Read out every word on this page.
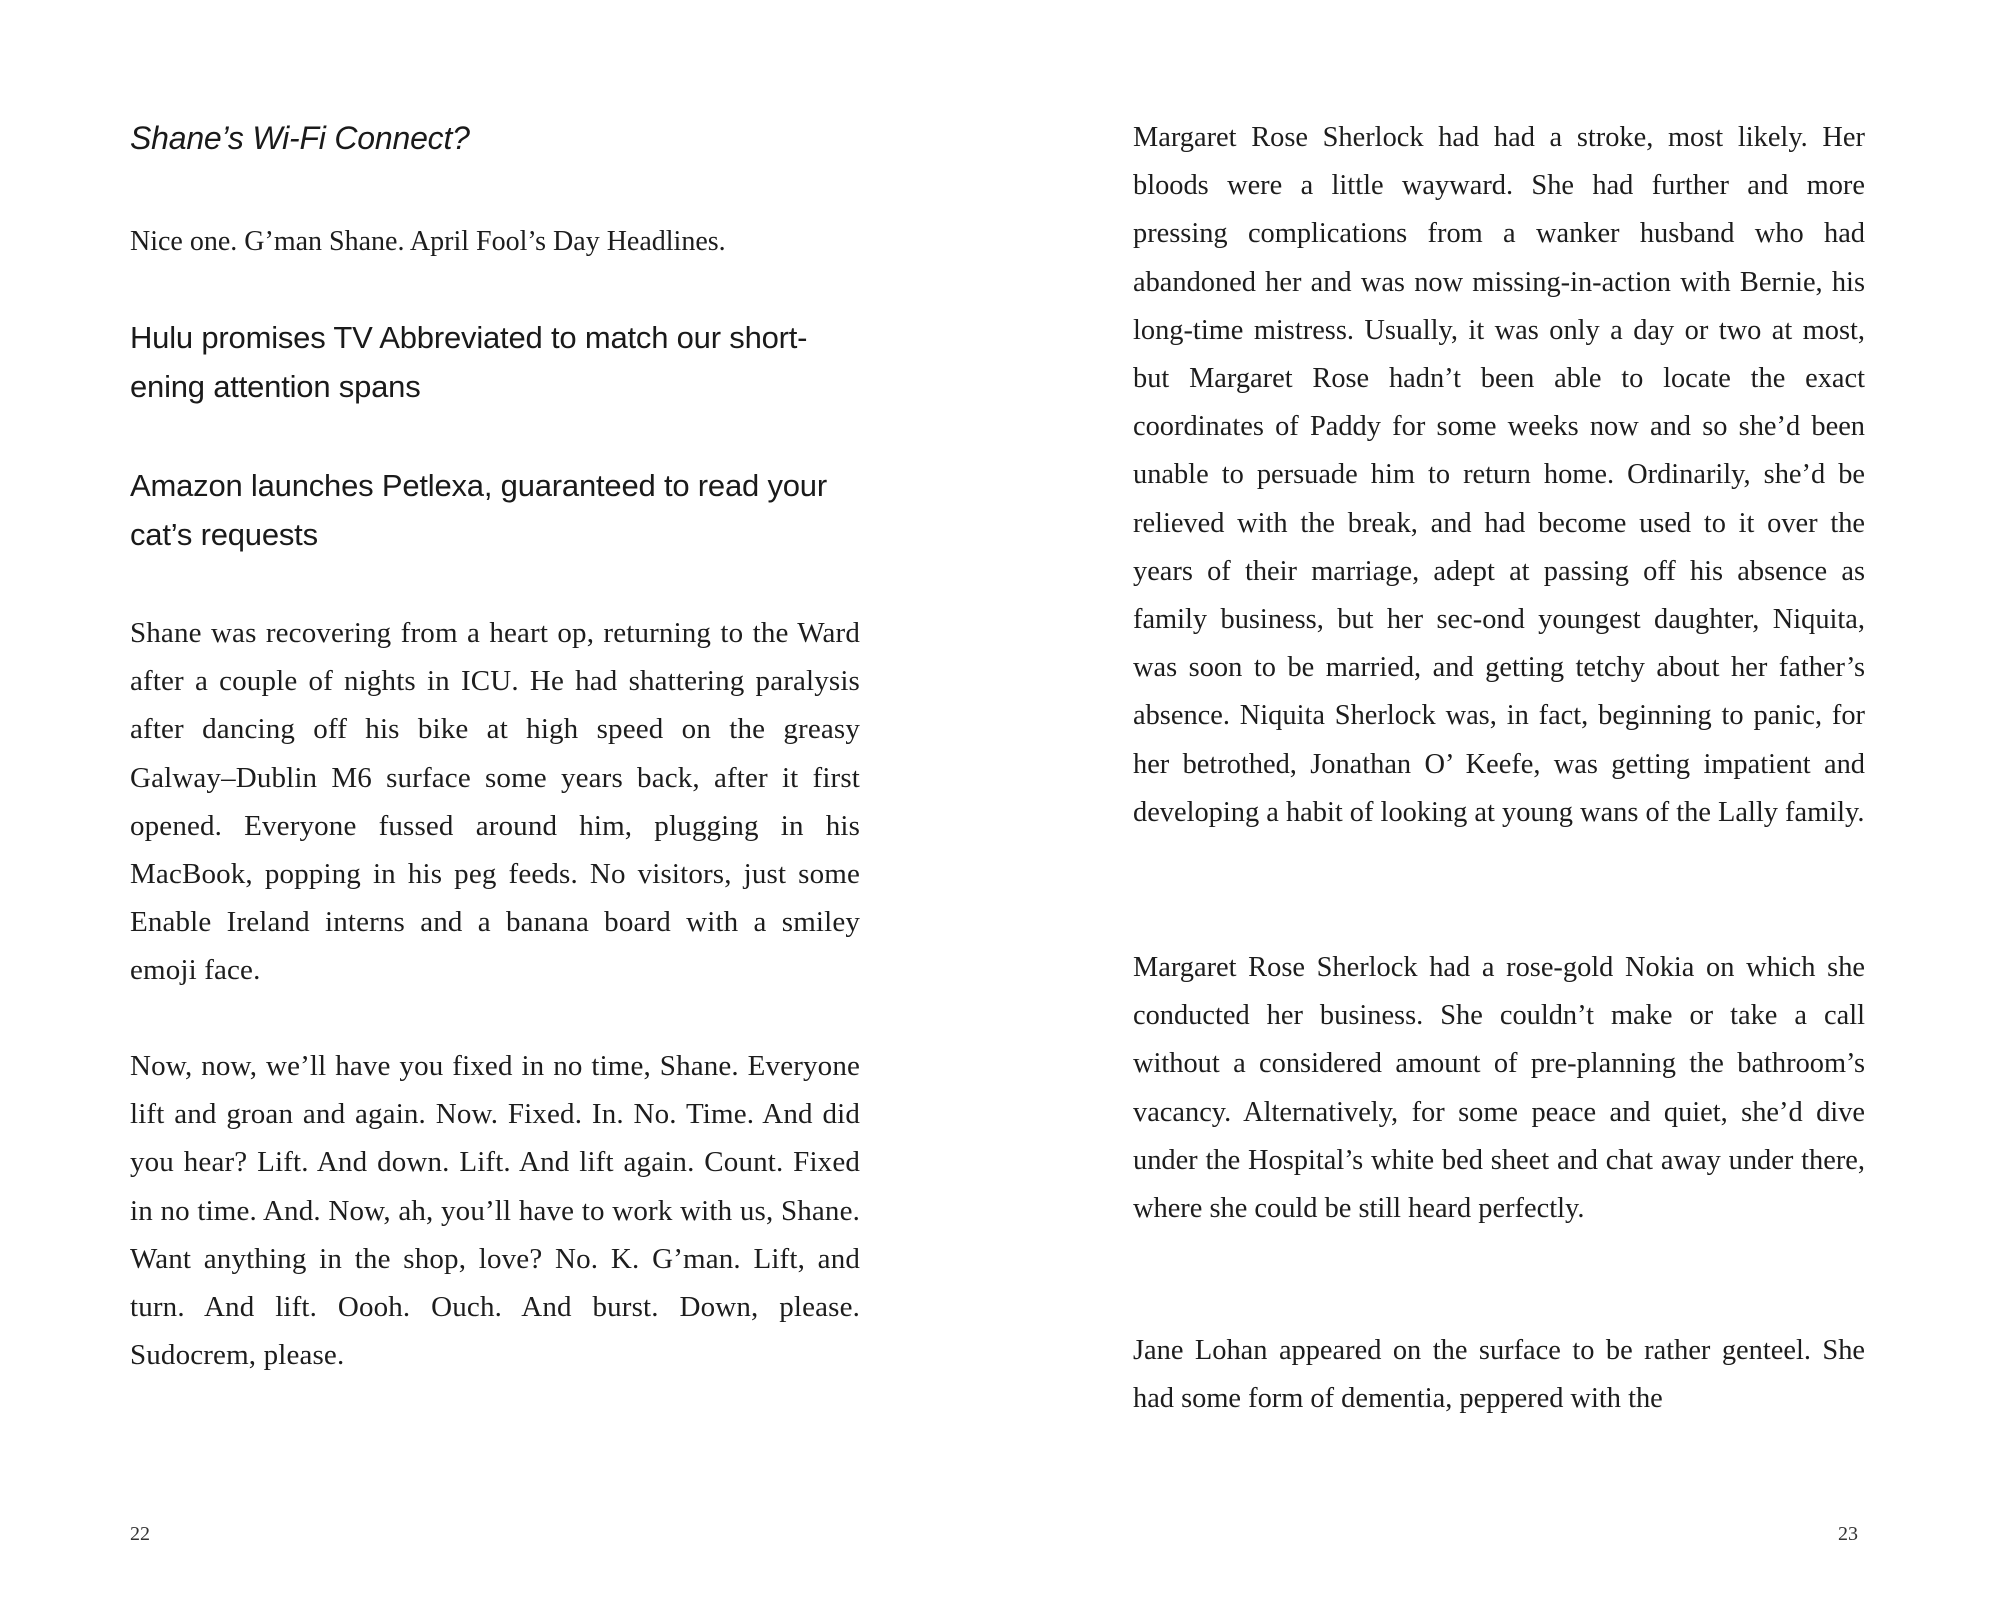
Shane’s Wi-Fi Connect?

Nice one. G’man Shane. April Fool’s Day Headlines.

Hulu promises TV Abbreviated to match our short-ening attention spans

Amazon launches Petlexa, guaranteed to read your cat’s requests

Shane was recovering from a heart op, returning to the Ward after a couple of nights in ICU. He had shattering paralysis after dancing off his bike at high speed on the greasy Galway–Dublin M6 surface some years back, after it first opened. Everyone fussed around him, plugging in his MacBook, popping in his peg feeds. No visitors, just some Enable Ireland interns and a banana board with a smiley emoji face.

Now, now, we’ll have you fixed in no time, Shane. Everyone lift and groan and again. Now. Fixed. In. No. Time. And did you hear? Lift. And down. Lift. And lift again. Count. Fixed in no time. And. Now, ah, you’ll have to work with us, Shane. Want anything in the shop, love? No. K. G’man. Lift, and turn. And lift. Oooh. Ouch. And burst. Down, please. Sudocrem, please.

22

Margaret Rose Sherlock had had a stroke, most likely. Her bloods were a little wayward. She had further and more pressing complications from a wanker husband who had abandoned her and was now missing-in-action with Bernie, his long-time mistress. Usually, it was only a day or two at most, but Margaret Rose hadn’t been able to locate the exact coordinates of Paddy for some weeks now and so she’d been unable to persuade him to return home. Ordinarily, she’d be relieved with the break, and had become used to it over the years of their marriage, adept at passing off his absence as family business, but her sec-ond youngest daughter, Niquita, was soon to be married, and getting tetchy about her father’s absence. Niquita Sherlock was, in fact, beginning to panic, for her betrothed, Jonathan O’ Keefe, was getting impatient and developing a habit of looking at young wans of the Lally family.

Margaret Rose Sherlock had a rose-gold Nokia on which she conducted her business. She couldn’t make or take a call without a considered amount of pre-planning the bathroom’s vacancy. Alternatively, for some peace and quiet, she’d dive under the Hospital’s white bed sheet and chat away under there, where she could be still heard perfectly.

Jane Lohan appeared on the surface to be rather genteel. She had some form of dementia, peppered with the

23
